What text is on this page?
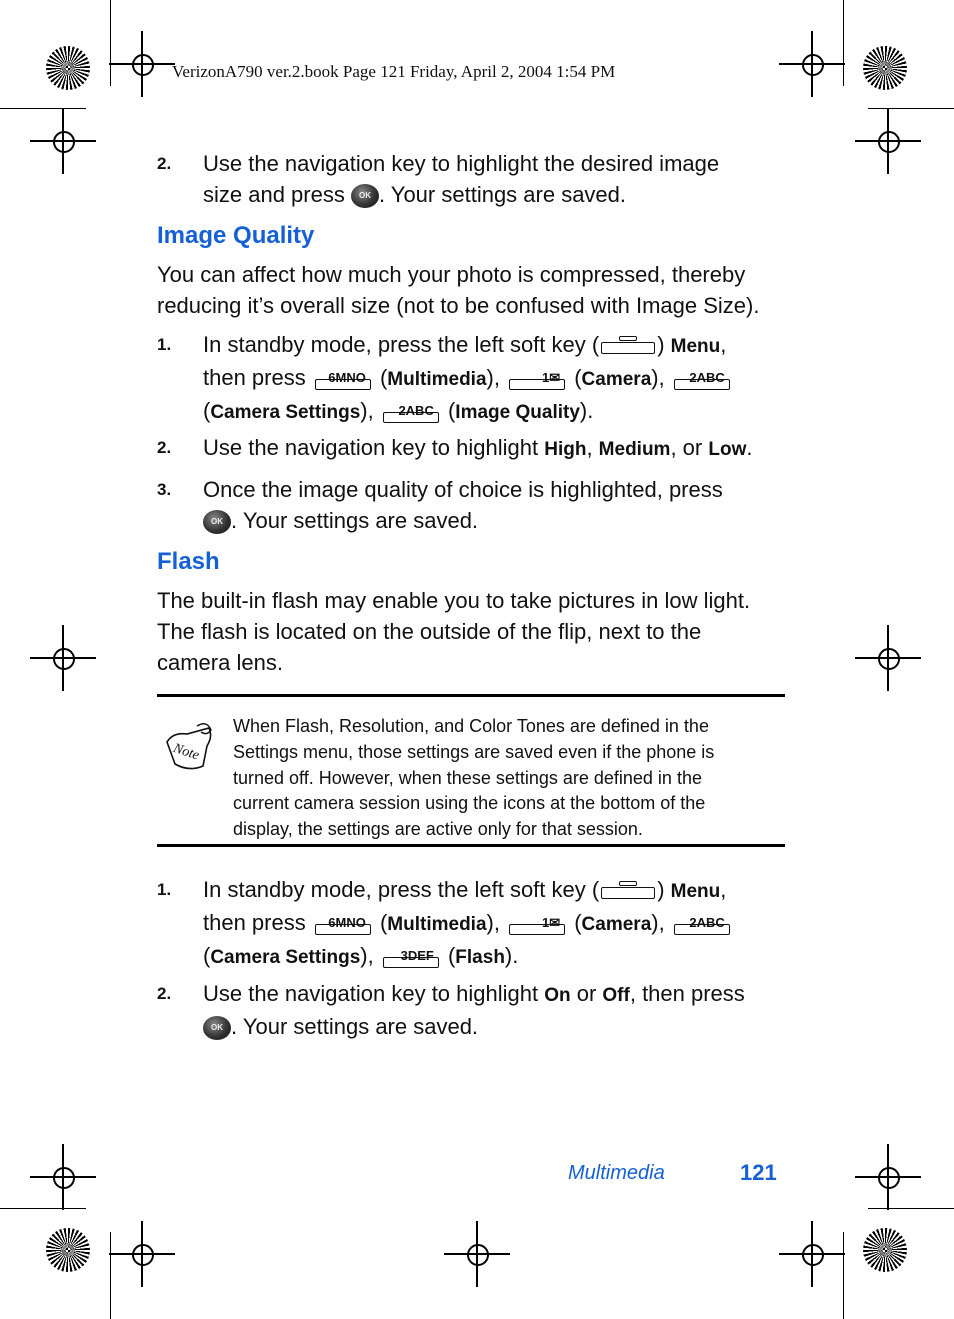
VerizonA790 ver.2.book Page 121 Friday, April 2, 2004 1:54 PM
2. Use the navigation key to highlight the desired image
size and press OK . Your settings are saved.
Image Quality
You can affect how much your photo is compressed, thereby
reducing it’s overall size (not to be confused with Image Size).
1. In standby mode, press the left soft key (	) Menu,
then press 6MNO (Multimedia),	1✉ (Camera), 2ABC

(Camera Settings), 2ABC (Image Quality).
2. Use the navigation key to highlight High, Medium, or Low.
3. Once the image quality of choice is highlighted, press
OK . Your settings are saved.
Flash
The built-in flash may enable you to take pictures in low light.
The flash is located on the outside of the flip, next to the
camera lens.
Note
When Flash, Resolution, and Color Tones are defined in the
Settings menu, those settings are saved even if the phone is
turned off. However, when these settings are defined in the
current camera session using the icons at the bottom of the
display, the settings are active only for that session.
1. In standby mode, press the left soft key (	) Menu,
then press 6MNO (Multimedia),	1✉ (Camera), 2ABC

(Camera Settings), 3DEF (Flash).
2. Use the navigation key to highlight On or Off, then press
OK . Your settings are saved.
Multimedia	121
